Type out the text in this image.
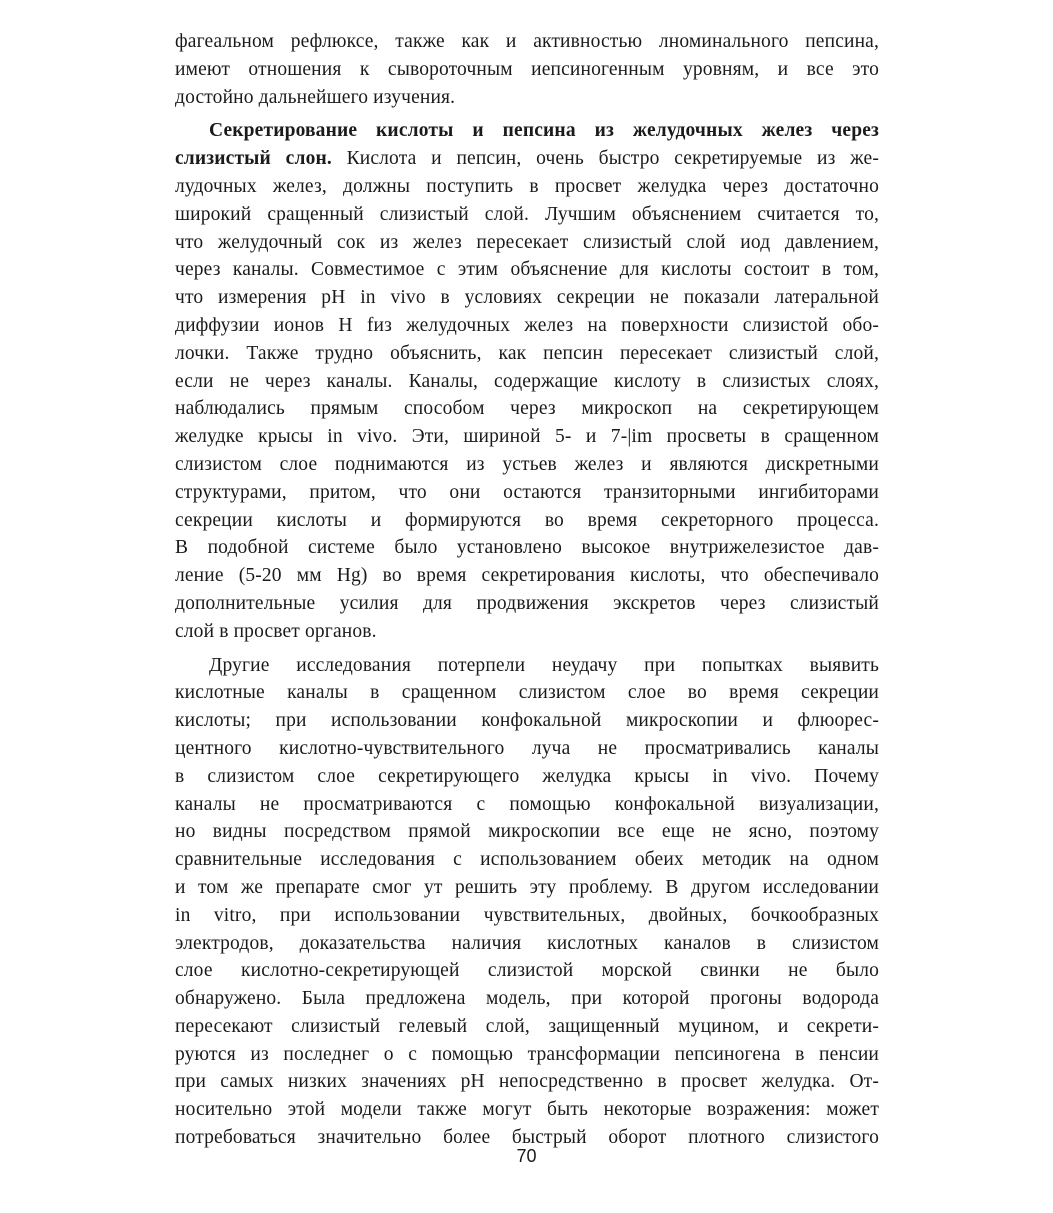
фагеальном рефлюксе, также как и активностью лноминального пепсина,
имеют отношения к сывороточным иепсиногенным уровням, и все это
достойно дальнейшего изучения.
Секретирование кислоты и пепсина из желудочных желез через
слизистый слон. Кислота и пепсин, очень быстро секретируемые из же-
лудочных желез, должны поступить в просвет желудка через достаточно
широкий сращенный слизистый слой. Лучшим объяснением считается то,
что желудочный сок из желез пересекает слизистый слой иод давлением,
через каналы. Совместимое с этим объяснение для кислоты состоит в том,
что измерения pH in vivo в условиях секреции не показали латеральной
диффузии ионов H fиз желудочных желез на поверхности слизистой обо-
лочки. Также трудно объяснить, как пепсин пересекает слизистый слой,
если не через каналы. Каналы, содержащие кислоту в слизистых слоях,
наблюдались прямым способом через микроскоп на секретирующем
желудке крысы in vivo. Эти, шириной 5- и 7-|im просветы в сращенном
слизистом слое поднимаются из устьев желез и являются дискретными
структурами, притом, что они остаются транзиторными ингибиторами
секреции кислоты и формируются во время секреторного процесса.
В подобной системе было установлено высокое внутрижелезистое дав-
ление (5-20 мм Hg) во время секретирования кислоты, что обеспечивало
дополнительные усилия для продвижения экскретов через слизистый
слой в просвет органов.
Другие исследования потерпели неудачу при попытках выявить
кислотные каналы в сращенном слизистом слое во время секреции
кислоты; при использовании конфокальной микроскопии и флюорес-
центного кислотно-чувствительного луча не просматривались каналы
в слизистом слое секретирующего желудка крысы in vivo. Почему
каналы не просматриваются с помощью конфокальной визуализации,
но видны посредством прямой микроскопии все еще не ясно, поэтому
сравнительные исследования с использованием обеих методик на одном
и том же препарате смог ут решить эту проблему. В другом исследовании
in vitro, при использовании чувствительных, двойных, бочкообразных
электродов, доказательства наличия кислотных каналов в слизистом
слое кислотно-секретирующей слизистой морской свинки не было
обнаружено. Была предложена модель, при которой прогоны водорода
пересекают слизистый гелевый слой, защищенный муцином, и секрети-
руются из последнег о с помощью трансформации пепсиногена в пенсии
при самых низких значениях pH непосредственно в просвет желудка. От-
носительно этой модели также могут быть некоторые возражения: может
потребоваться значительно более быстрый оборот плотного слизистого
70
